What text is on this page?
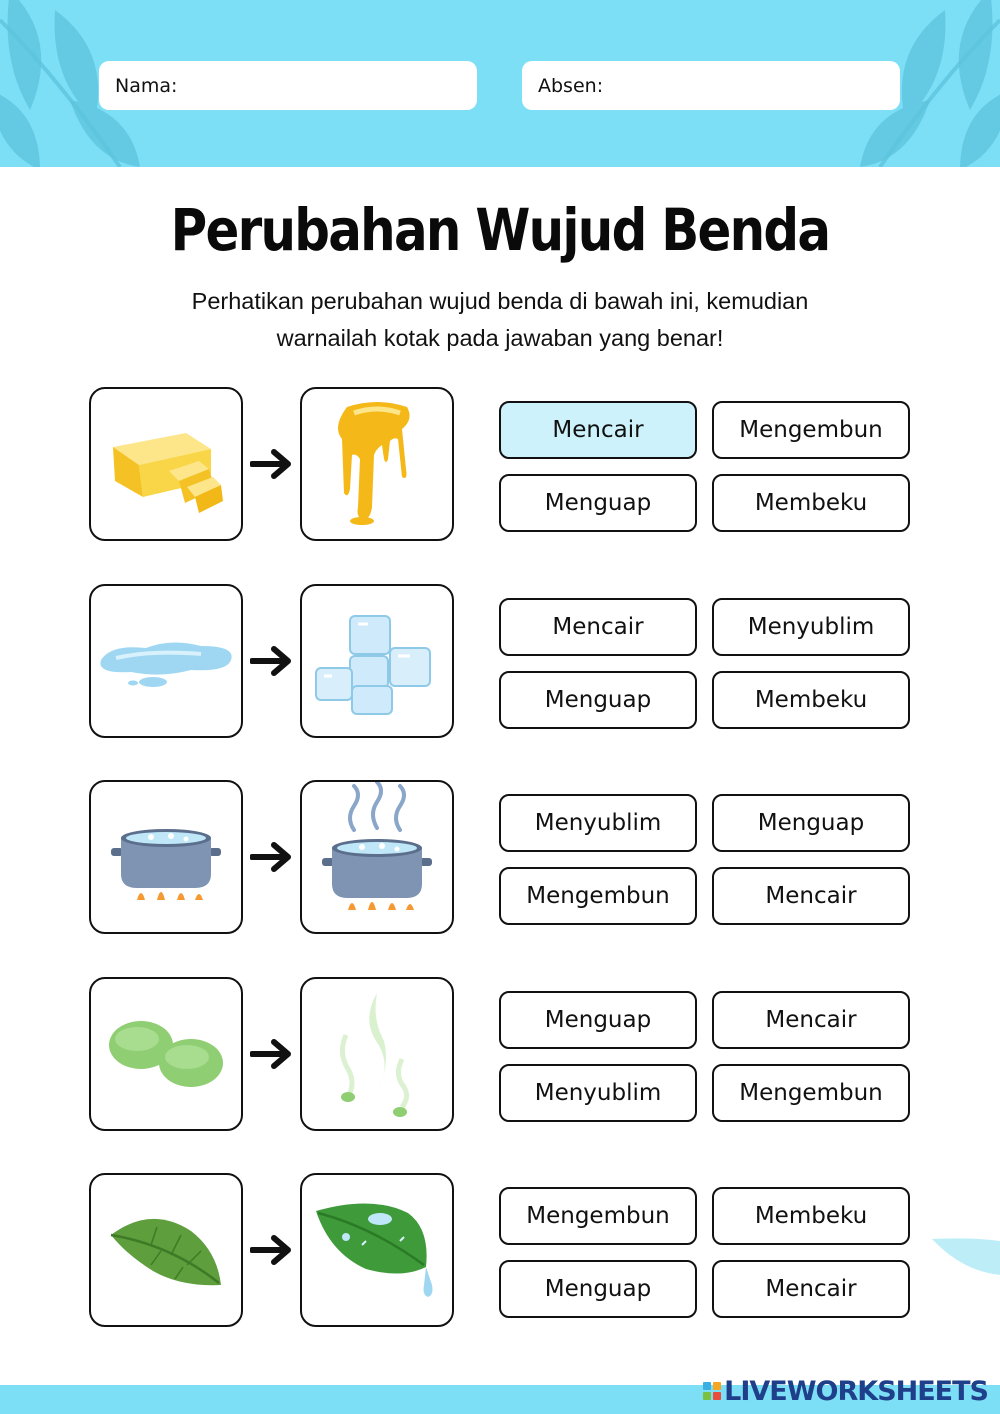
Nama:	Absen:
Perubahan Wujud Benda
Perhatikan perubahan wujud benda di bawah ini, kemudian
warnailah kotak pada jawaban yang benar!
Mencair	Mengembun
Menguap	Membeku
Mencair	Menyublim
Menguap	Membeku
Menyublim	Menguap
Mengembun	Mencair
Menguap	Mencair
Menyublim	Mengembun
Mengembun	Membeku
Menguap	Mencair
LIVEWORKSHEETS
